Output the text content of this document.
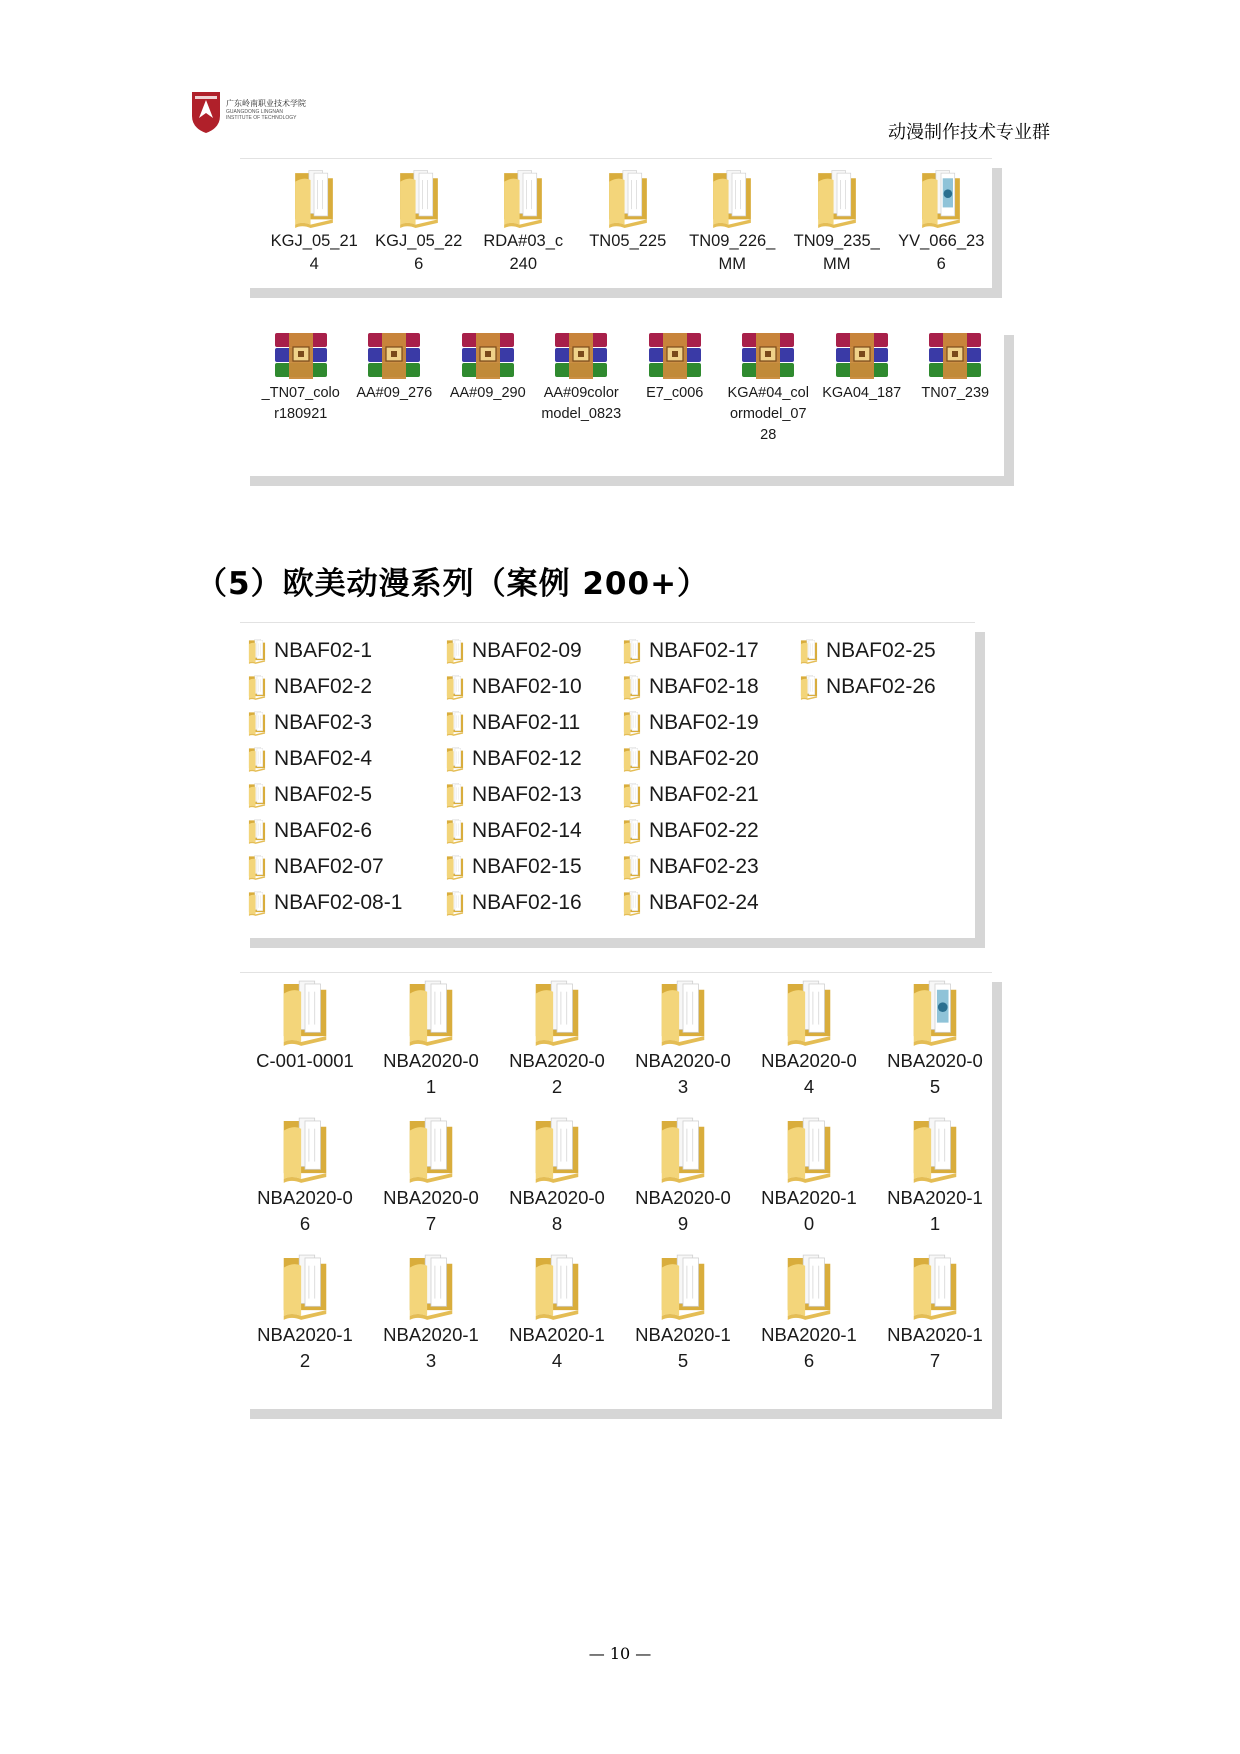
广东岭南职业技术学院
GUANGDONG LINGNAN
INSTITUTE OF TECHNOLOGY
动漫制作技术专业群
KGJ_05_214
KGJ_05_226
RDA#03_c240
TN05_225	TN09_226_MM
TN09_235_MM
YV_066_236
_TN07_color180921
AA#09_276 AA#09_290 AA#09colormodel_0823
E7_c006	KGA#04_colormodel_0728
KGA04_187	TN07_239
（5）欧美动漫系列（案例 200+）
NBAF02-1
NBAF02-2
NBAF02-3
NBAF02-4
NBAF02-5
NBAF02-6
NBAF02-07
NBAF02-08-1
NBAF02-09
NBAF02-10
NBAF02-11
NBAF02-12
NBAF02-13
NBAF02-14
NBAF02-15
NBAF02-16
NBAF02-17
NBAF02-18
NBAF02-19
NBAF02-20
NBAF02-21
NBAF02-22
NBAF02-23
NBAF02-24
NBAF02-25
NBAF02-26
C-001-0001 NBA2020-01
NBA2020-02
NBA2020-03
NBA2020-04
NBA2020-05
NBA2020-06
NBA2020-07
NBA2020-08
NBA2020-09
NBA2020-10
NBA2020-11
NBA2020-12
NBA2020-13
NBA2020-14
NBA2020-15
NBA2020-16
NBA2020-17
— 10 —
